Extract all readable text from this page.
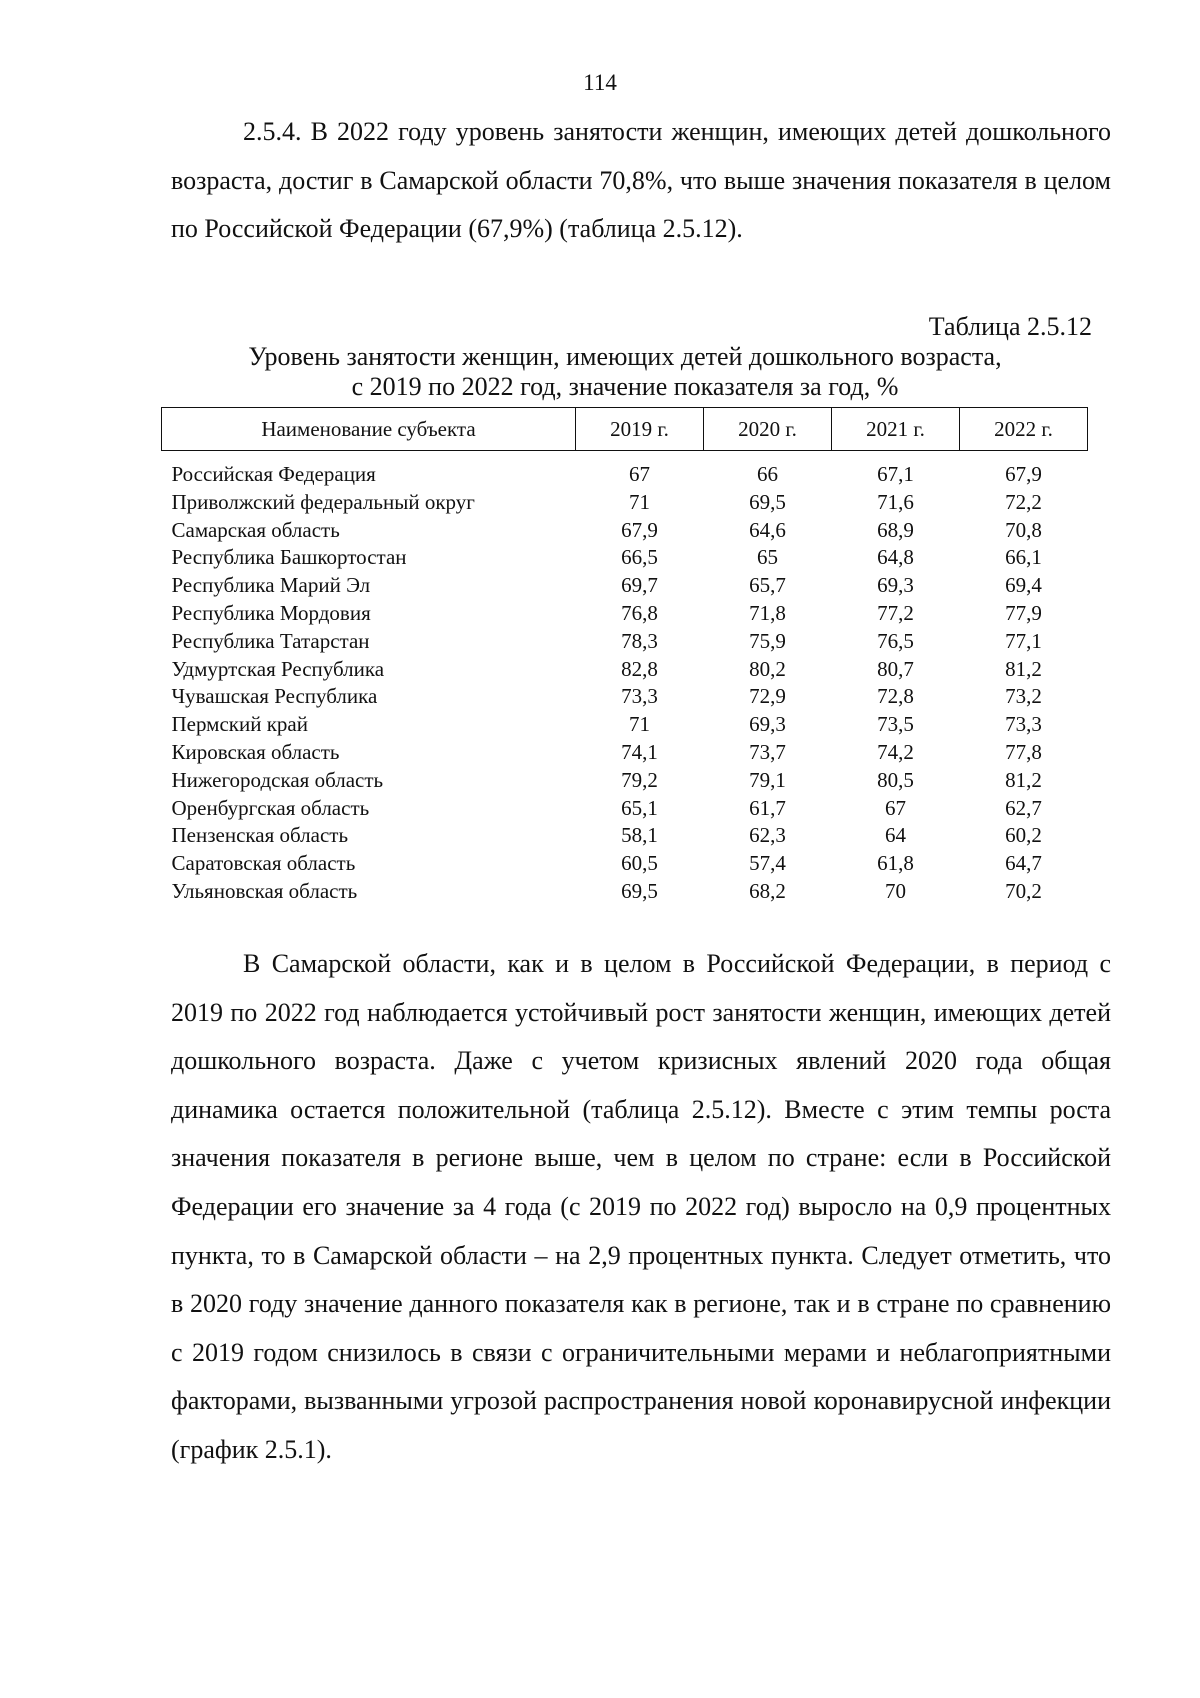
114

2.5.4. В 2022 году уровень занятости женщин, имеющих детей дошкольного возраста, достиг в Самарской области 70,8%, что выше значения показателя в целом по Российской Федерации (67,9%) (таблица 2.5.12).

Таблица 2.5.12
Уровень занятости женщин, имеющих детей дошкольного возраста,
с 2019 по 2022 год, значение показателя за год, %
Наименование субъекта	2019 г.	2020 г.	2021 г.	2022 г.
Российская Федерация	67	66	67,1	67,9
Приволжский федеральный округ	71	69,5	71,6	72,2
Самарская область	67,9	64,6	68,9	70,8
Республика Башкортостан	66,5	65	64,8	66,1
Республика Марий Эл	69,7	65,7	69,3	69,4
Республика Мордовия	76,8	71,8	77,2	77,9
Республика Татарстан	78,3	75,9	76,5	77,1
Удмуртская Республика	82,8	80,2	80,7	81,2
Чувашская Республика	73,3	72,9	72,8	73,2
Пермский край	71	69,3	73,5	73,3
Кировская область	74,1	73,7	74,2	77,8
Нижегородская область	79,2	79,1	80,5	81,2
Оренбургская область	65,1	61,7	67	62,7
Пензенская область	58,1	62,3	64	60,2
Саратовская область	60,5	57,4	61,8	64,7
Ульяновская область	69,5	68,2	70	70,2

В Самарской области, как и в целом в Российской Федерации, в период с 2019 по 2022 год наблюдается устойчивый рост занятости женщин, имеющих детей дошкольного возраста. Даже с учетом кризисных явлений 2020 года общая динамика остается положительной (таблица 2.5.12). Вместе с этим темпы роста значения показателя в регионе выше, чем в целом по стране: если в Российской Федерации его значение за 4 года (с 2019 по 2022 год) выросло на 0,9 процентных пункта, то в Самарской области – на 2,9 процентных пункта. Следует отметить, что в 2020 году значение данного показателя как в регионе, так и в стране по сравнению с 2019 годом снизилось в связи с ограничительными мерами и неблагоприятными факторами, вызванными угрозой распространения новой коронавирусной инфекции (график 2.5.1).
